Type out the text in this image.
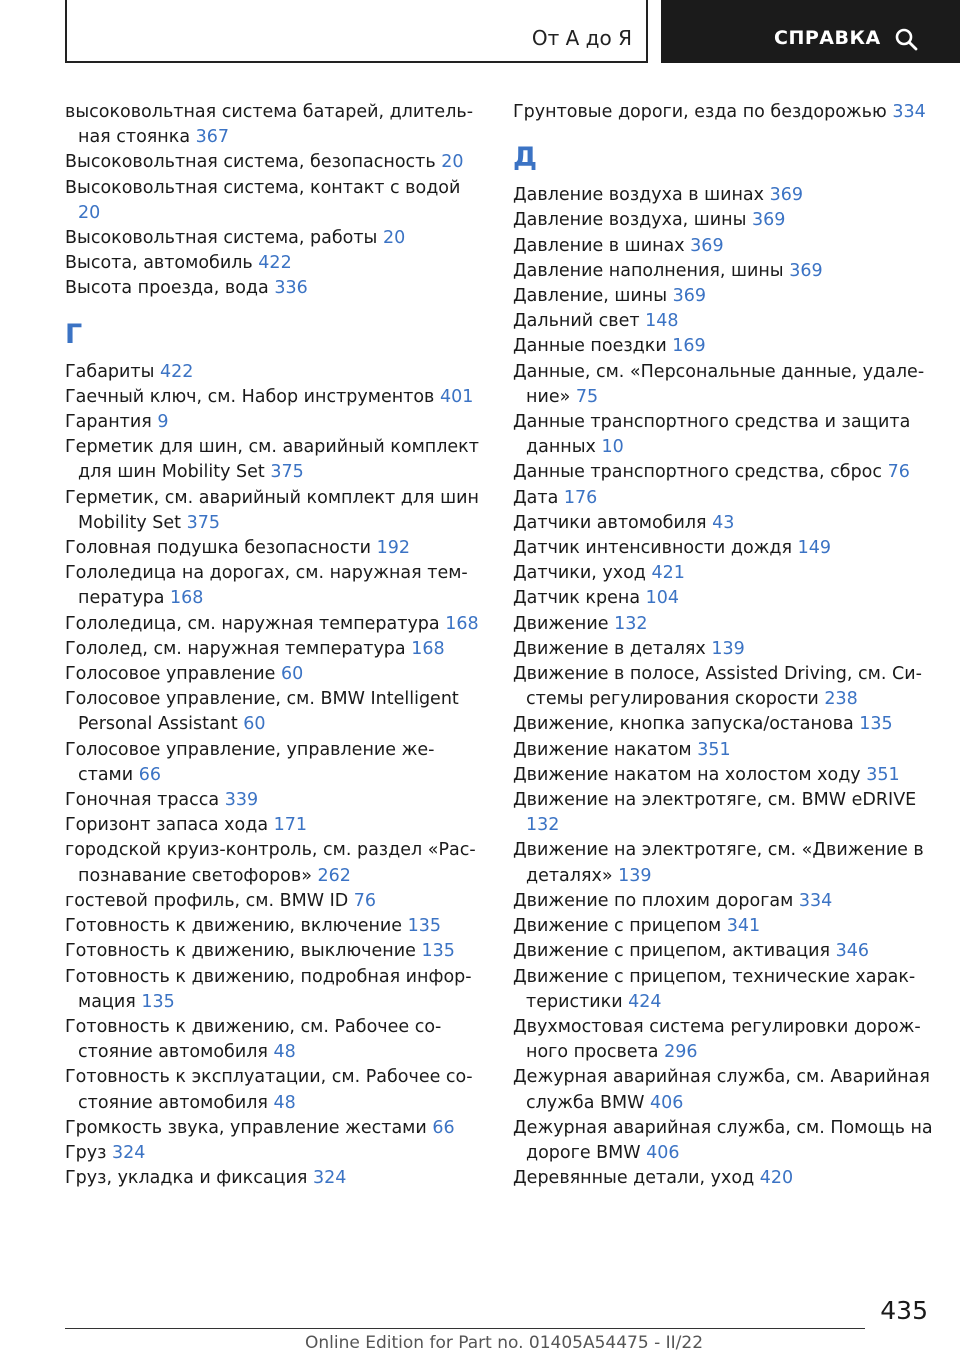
От А до Я	СПРАВКА
высоковольтная система батарей, длительная стоянка 367
Высоковольтная система, безопасность 20
Высоковольтная система, контакт с водой 20
Высоковольтная система, работы 20
Высота, автомобиль 422
Высота проезда, вода 336
Г
Габариты 422
Гаечный ключ, см. Набор инструментов 401
Гарантия 9
Герметик для шин, см. аварийный комплект для шин Mobility Set 375
Герметик, см. аварийный комплект для шин Mobility Set 375
Головная подушка безопасности 192
Гололедица на дорогах, см. наружная температура 168
Гололедица, см. наружная температура 168
Гололед, см. наружная температура 168
Голосовое управление 60
Голосовое управление, см. BMW Intelligent Personal Assistant 60
Голосовое управление, управление жестами 66
Гоночная трасса 339
Горизонт запаса хода 171
городской круиз-контроль, см. раздел «Распознавание светофоров» 262
гостевой профиль, см. BMW ID 76
Готовность к движению, включение 135
Готовность к движению, выключение 135
Готовность к движению, подробная информация 135
Готовность к движению, см. Рабочее состояние автомобиля 48
Готовность к эксплуатации, см. Рабочее состояние автомобиля 48
Громкость звука, управление жестами 66
Груз 324
Груз, укладка и фиксация 324
Грунтовые дороги, езда по бездорожью 334
Д
Давление воздуха в шинах 369
Давление воздуха, шины 369
Давление в шинах 369
Давление наполнения, шины 369
Давление, шины 369
Дальний свет 148
Данные поездки 169
Данные, см. «Персональные данные, удаление» 75
Данные транспортного средства и защита данных 10
Данные транспортного средства, сброс 76
Дата 176
Датчики автомобиля 43
Датчик интенсивности дождя 149
Датчики, уход 421
Датчик крена 104
Движение 132
Движение в деталях 139
Движение в полосе, Assisted Driving, см. Системы регулирования скорости 238
Движение, кнопка запуска/останова 135
Движение накатом 351
Движение накатом на холостом ходу 351
Движение на электротяге, см. BMW eDRIVE 132
Движение на электротяге, см. «Движение в деталях» 139
Движение по плохим дорогам 334
Движение с прицепом 341
Движение с прицепом, активация 346
Движение с прицепом, технические характеристики 424
Двухмостовая система регулировки дорожного просвета 296
Дежурная аварийная служба, см. Аварийная служба BMW 406
Дежурная аварийная служба, см. Помощь на дороге BMW 406
Деревянные детали, уход 420
435
Online Edition for Part no. 01405A54475 - II/22
